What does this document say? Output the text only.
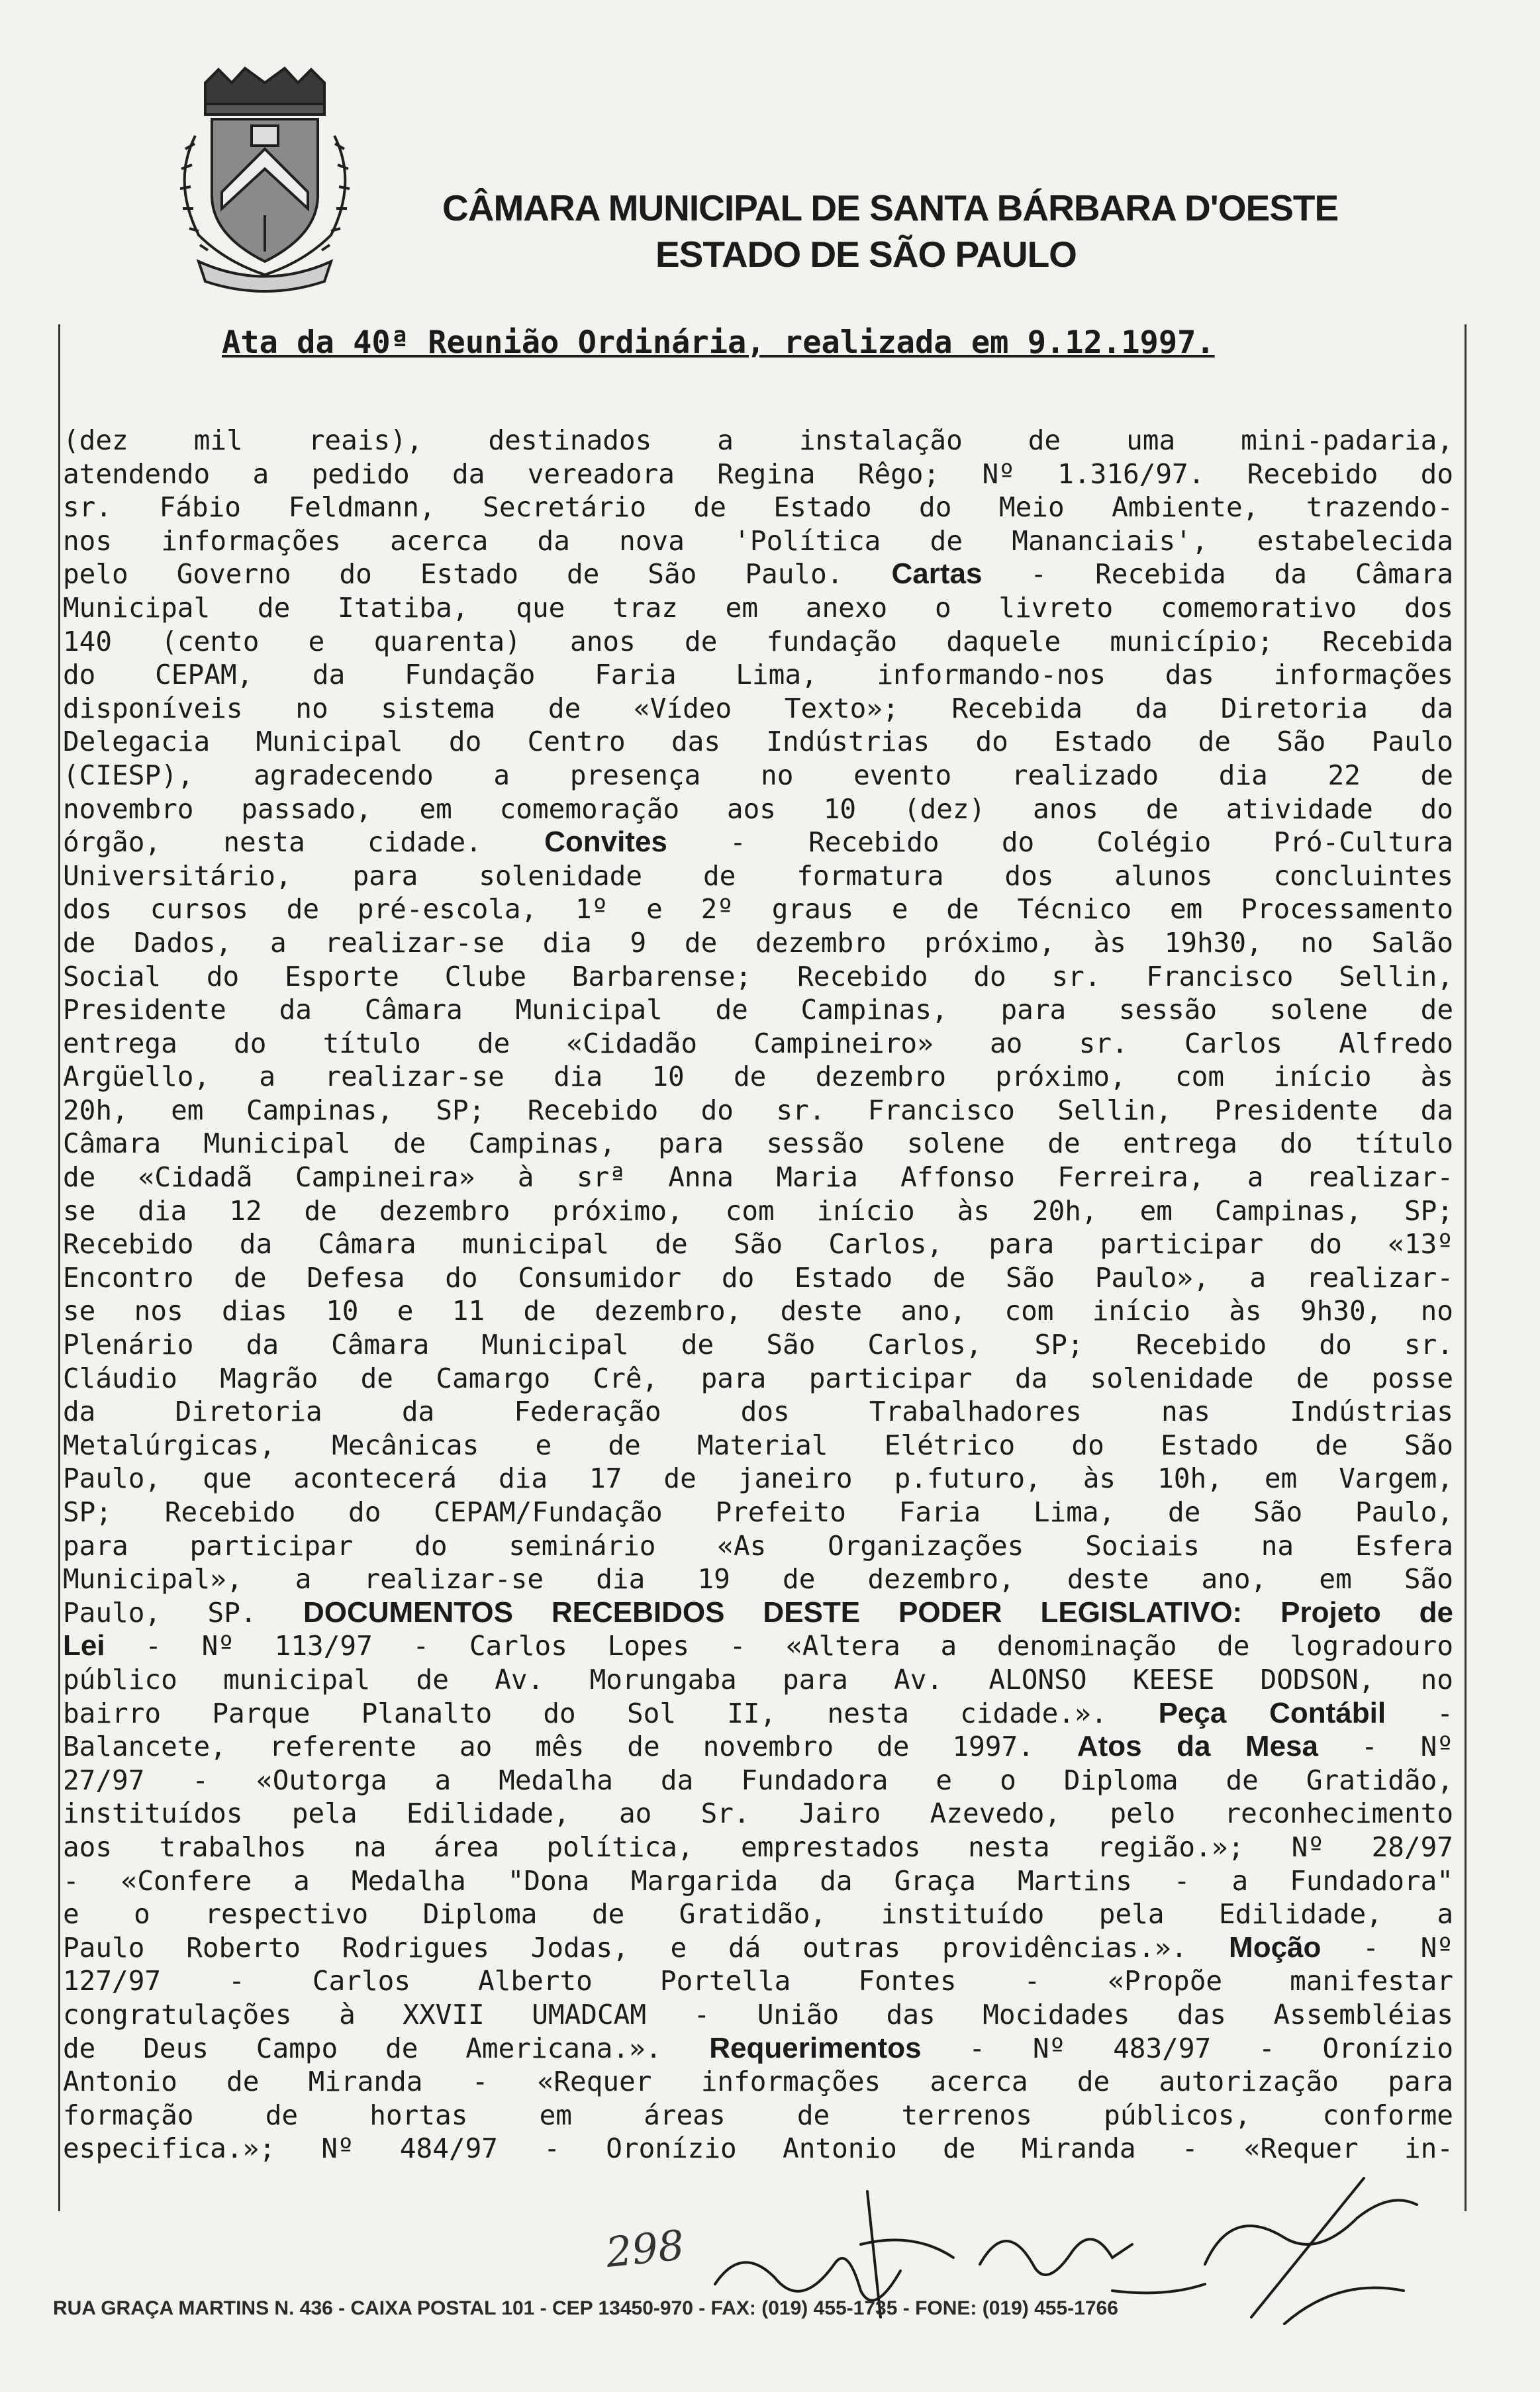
CÂMARA MUNICIPAL DE SANTA BÁRBARA D'OESTE
ESTADO DE SÃO PAULO
Ata da 40ª Reunião Ordinária, realizada em 9.12.1997.
(dez mil reais), destinados a instalação de uma mini-padaria,
atendendo a pedido da vereadora Regina Rêgo; Nº 1.316/97. Recebido do
sr. Fábio Feldmann, Secretário de Estado do Meio Ambiente, trazendo-
nos informações acerca da nova 'Política de Mananciais', estabelecida
pelo Governo do Estado de São Paulo. Cartas - Recebida da Câmara
Municipal de Itatiba, que traz em anexo o livreto comemorativo dos
140 (cento e quarenta) anos de fundação daquele município; Recebida
do CEPAM, da Fundação Faria Lima, informando-nos das informações
disponíveis no sistema de «Vídeo Texto»; Recebida da Diretoria da
Delegacia Municipal do Centro das Indústrias do Estado de São Paulo
(CIESP), agradecendo a presença no evento realizado dia 22 de
novembro passado, em comemoração aos 10 (dez) anos de atividade do
órgão, nesta cidade. Convites - Recebido do Colégio Pró-Cultura
Universitário, para solenidade de formatura dos alunos concluintes
dos cursos de pré-escola, 1º e 2º graus e de Técnico em Processamento
de Dados, a realizar-se dia 9 de dezembro próximo, às 19h30, no Salão
Social do Esporte Clube Barbarense; Recebido do sr. Francisco Sellin,
Presidente da Câmara Municipal de Campinas, para sessão solene de
entrega do título de «Cidadão Campineiro» ao sr. Carlos Alfredo
Argüello, a realizar-se dia 10 de dezembro próximo, com início às
20h, em Campinas, SP; Recebido do sr. Francisco Sellin, Presidente da
Câmara Municipal de Campinas, para sessão solene de entrega do título
de «Cidadã Campineira» à srª Anna Maria Affonso Ferreira, a realizar-
se dia 12 de dezembro próximo, com início às 20h, em Campinas, SP;
Recebido da Câmara municipal de São Carlos, para participar do «13º
Encontro de Defesa do Consumidor do Estado de São Paulo», a realizar-
se nos dias 10 e 11 de dezembro, deste ano, com início às 9h30, no
Plenário da Câmara Municipal de São Carlos, SP; Recebido do sr.
Cláudio Magrão de Camargo Crê, para participar da solenidade de posse
da Diretoria da Federação dos Trabalhadores nas Indústrias
Metalúrgicas, Mecânicas e de Material Elétrico do Estado de São
Paulo, que acontecerá dia 17 de janeiro p.futuro, às 10h, em Vargem,
SP; Recebido do CEPAM/Fundação Prefeito Faria Lima, de São Paulo,
para participar do seminário «As Organizações Sociais na Esfera
Municipal», a realizar-se dia 19 de dezembro, deste ano, em São
Paulo, SP. DOCUMENTOS RECEBIDOS DESTE PODER LEGISLATIVO: Projeto de
Lei - Nº 113/97 - Carlos Lopes - «Altera a denominação de logradouro
público municipal de Av. Morungaba para Av. ALONSO KEESE DODSON, no
bairro Parque Planalto do Sol II, nesta cidade.». Peça Contábil -
Balancete, referente ao mês de novembro de 1997. Atos da Mesa - Nº
27/97 - «Outorga a Medalha da Fundadora e o Diploma de Gratidão,
instituídos pela Edilidade, ao Sr. Jairo Azevedo, pelo reconhecimento
aos trabalhos na área política, emprestados nesta região.»; Nº 28/97
- «Confere a Medalha "Dona Margarida da Graça Martins - a Fundadora"
e o respectivo Diploma de Gratidão, instituído pela Edilidade, a
Paulo Roberto Rodrigues Jodas, e dá outras providências.». Moção - Nº
127/97 - Carlos Alberto Portella Fontes - «Propõe manifestar
congratulações à XXVII UMADCAM - União das Mocidades das Assembléias
de Deus Campo de Americana.». Requerimentos - Nº 483/97 - Oronízio
Antonio de Miranda - «Requer informações acerca de autorização para
formação de hortas em áreas de terrenos públicos, conforme
especifica.»; Nº 484/97 - Oronízio Antonio de Miranda - «Requer in-
298
RUA GRAÇA MARTINS N. 436 - CAIXA POSTAL 101 - CEP 13450-970 - FAX: (019) 455-1735 - FONE: (019) 455-1766
